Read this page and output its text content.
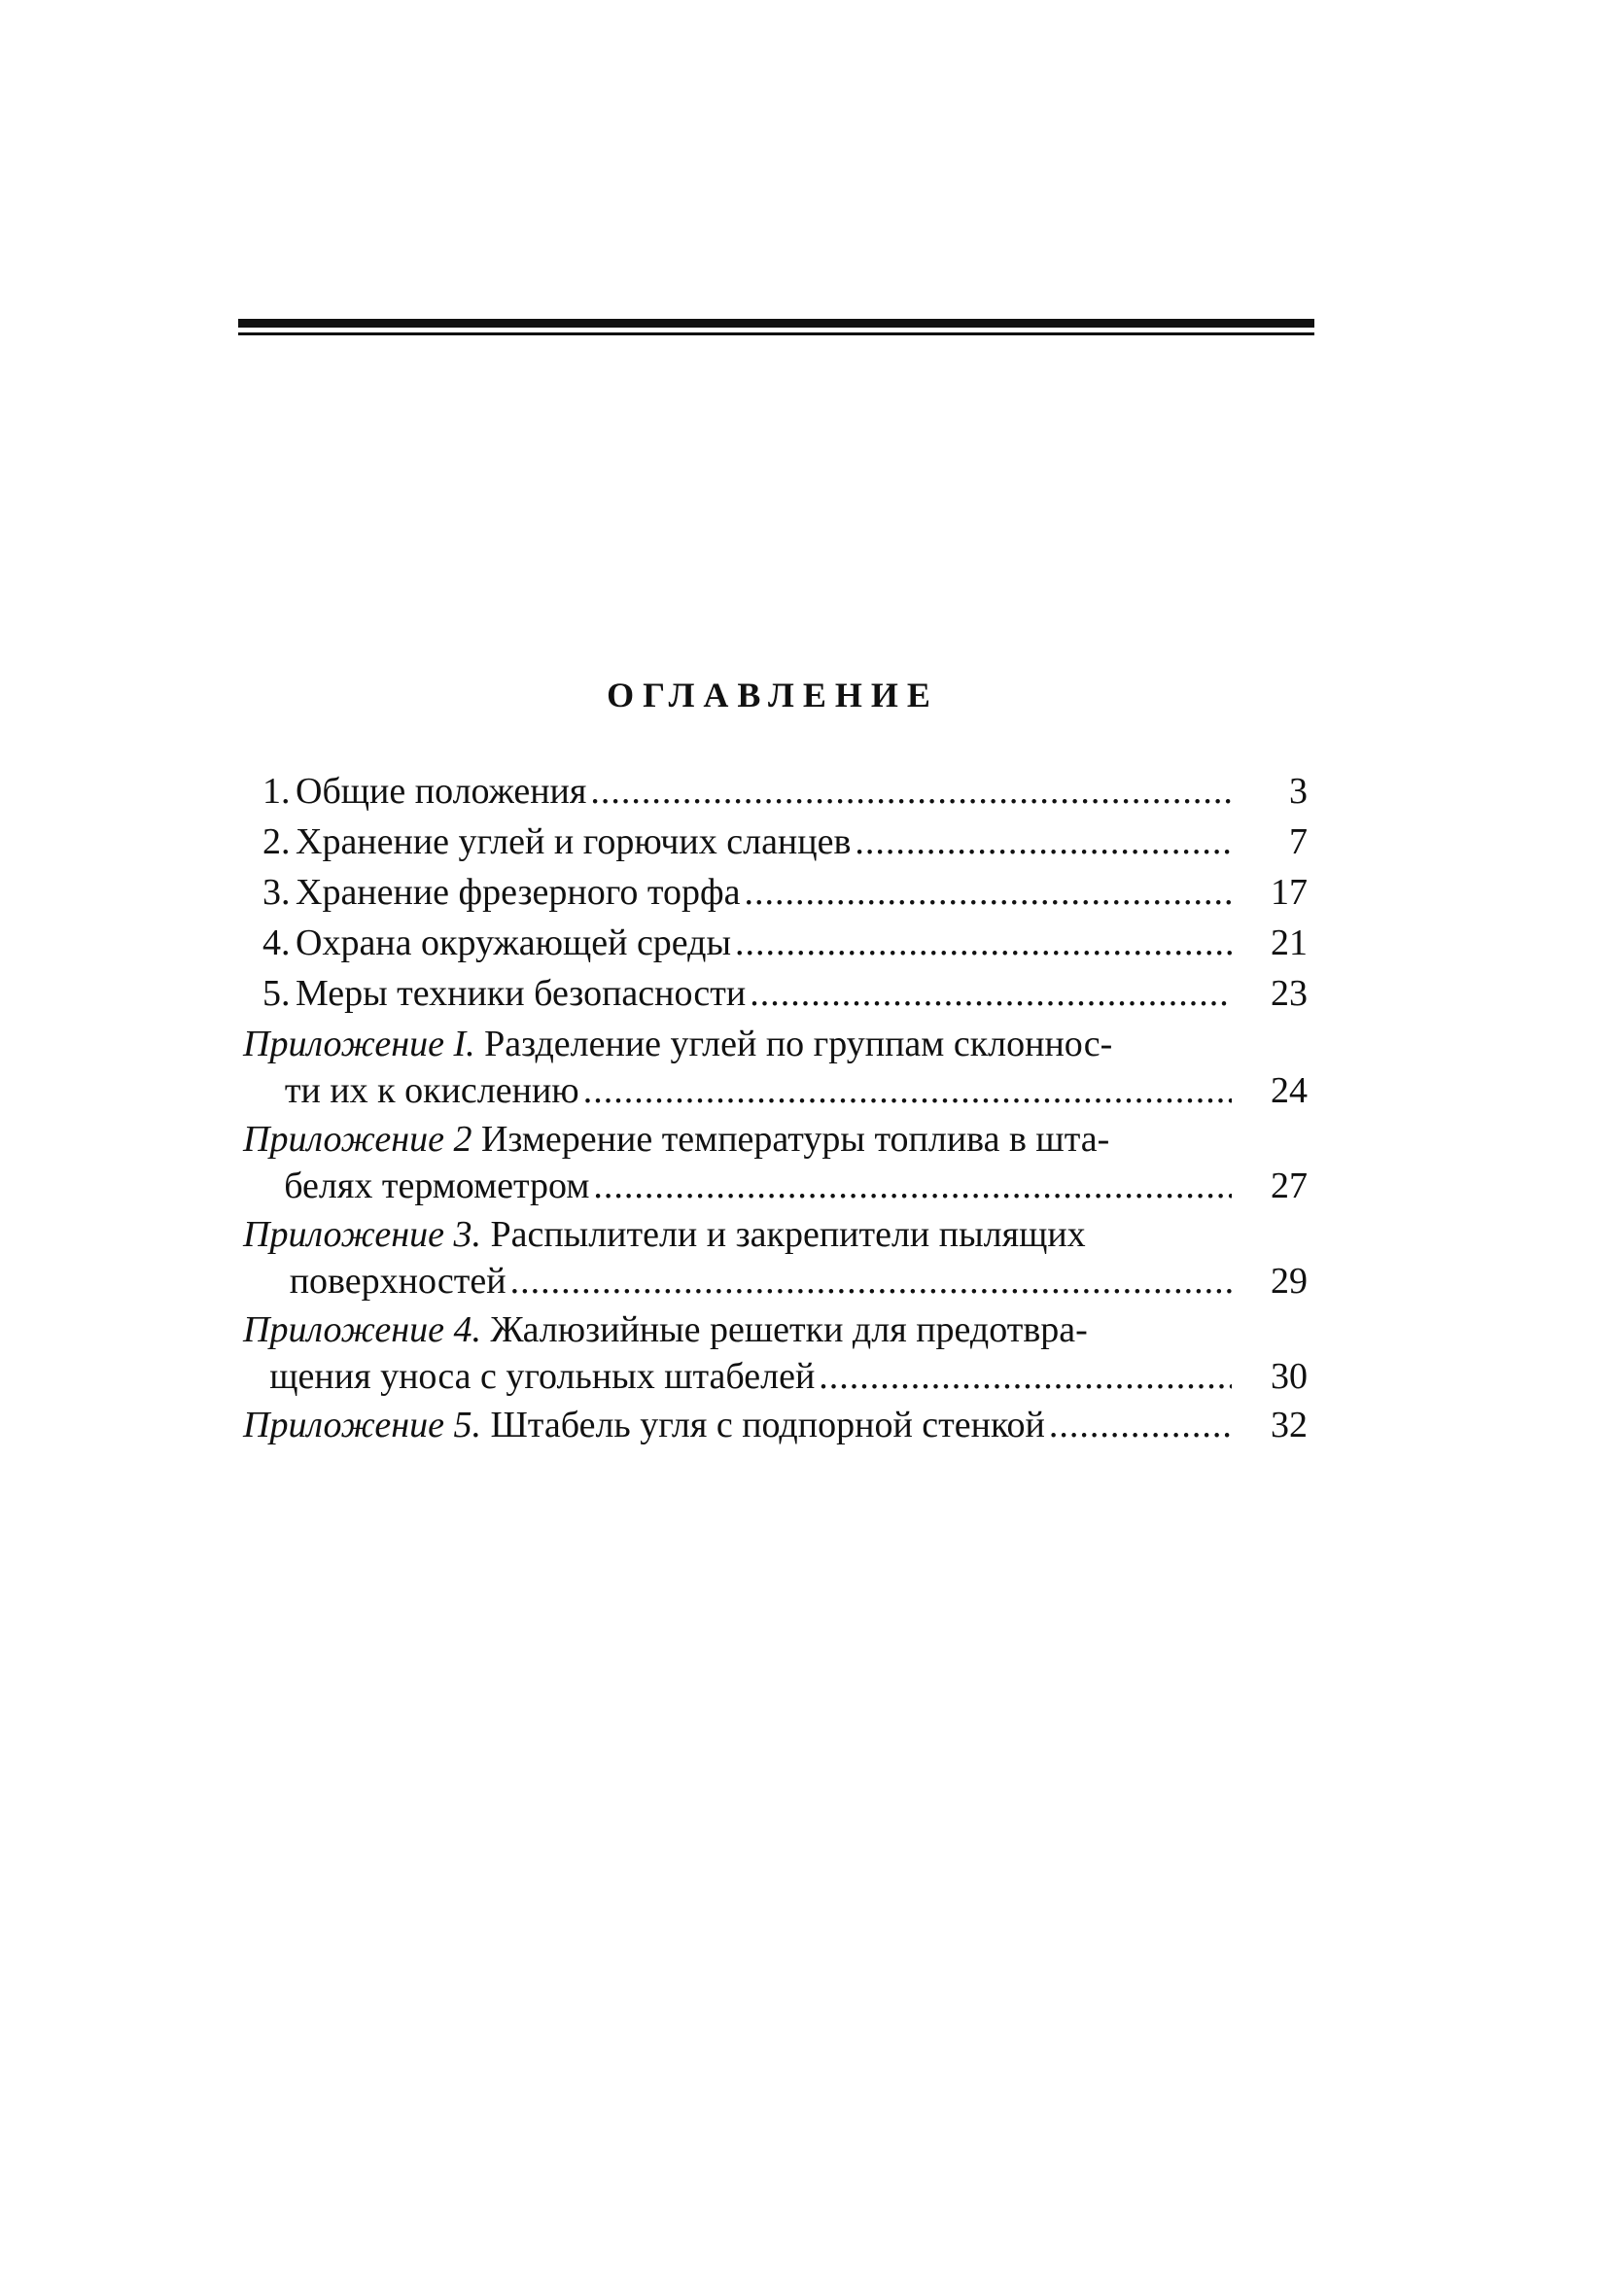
ОГЛАВЛЕНИЕ
1. Общие положения .....	3
2. Хранение углей и горючих сланцев .....	7
3. Хранение фрезерного торфа .....	17
4. Охрана окружающей среды .....	21
5. Меры техники безопасности .....	23
Приложение I. Разделение углей по группам склоннос-
ти их к окислению .....	24
Приложение 2 Измерение температуры топлива в шта-
белях термометром .....	27
Приложение 3. Распылители и закрепители пылящих
поверхностей .....	29
Приложение 4. Жалюзийные решетки для предотвра-
щения уноса с угольных штабелей .....	30
Приложение 5. Штабель угля с подпорной стенкой .....	32
